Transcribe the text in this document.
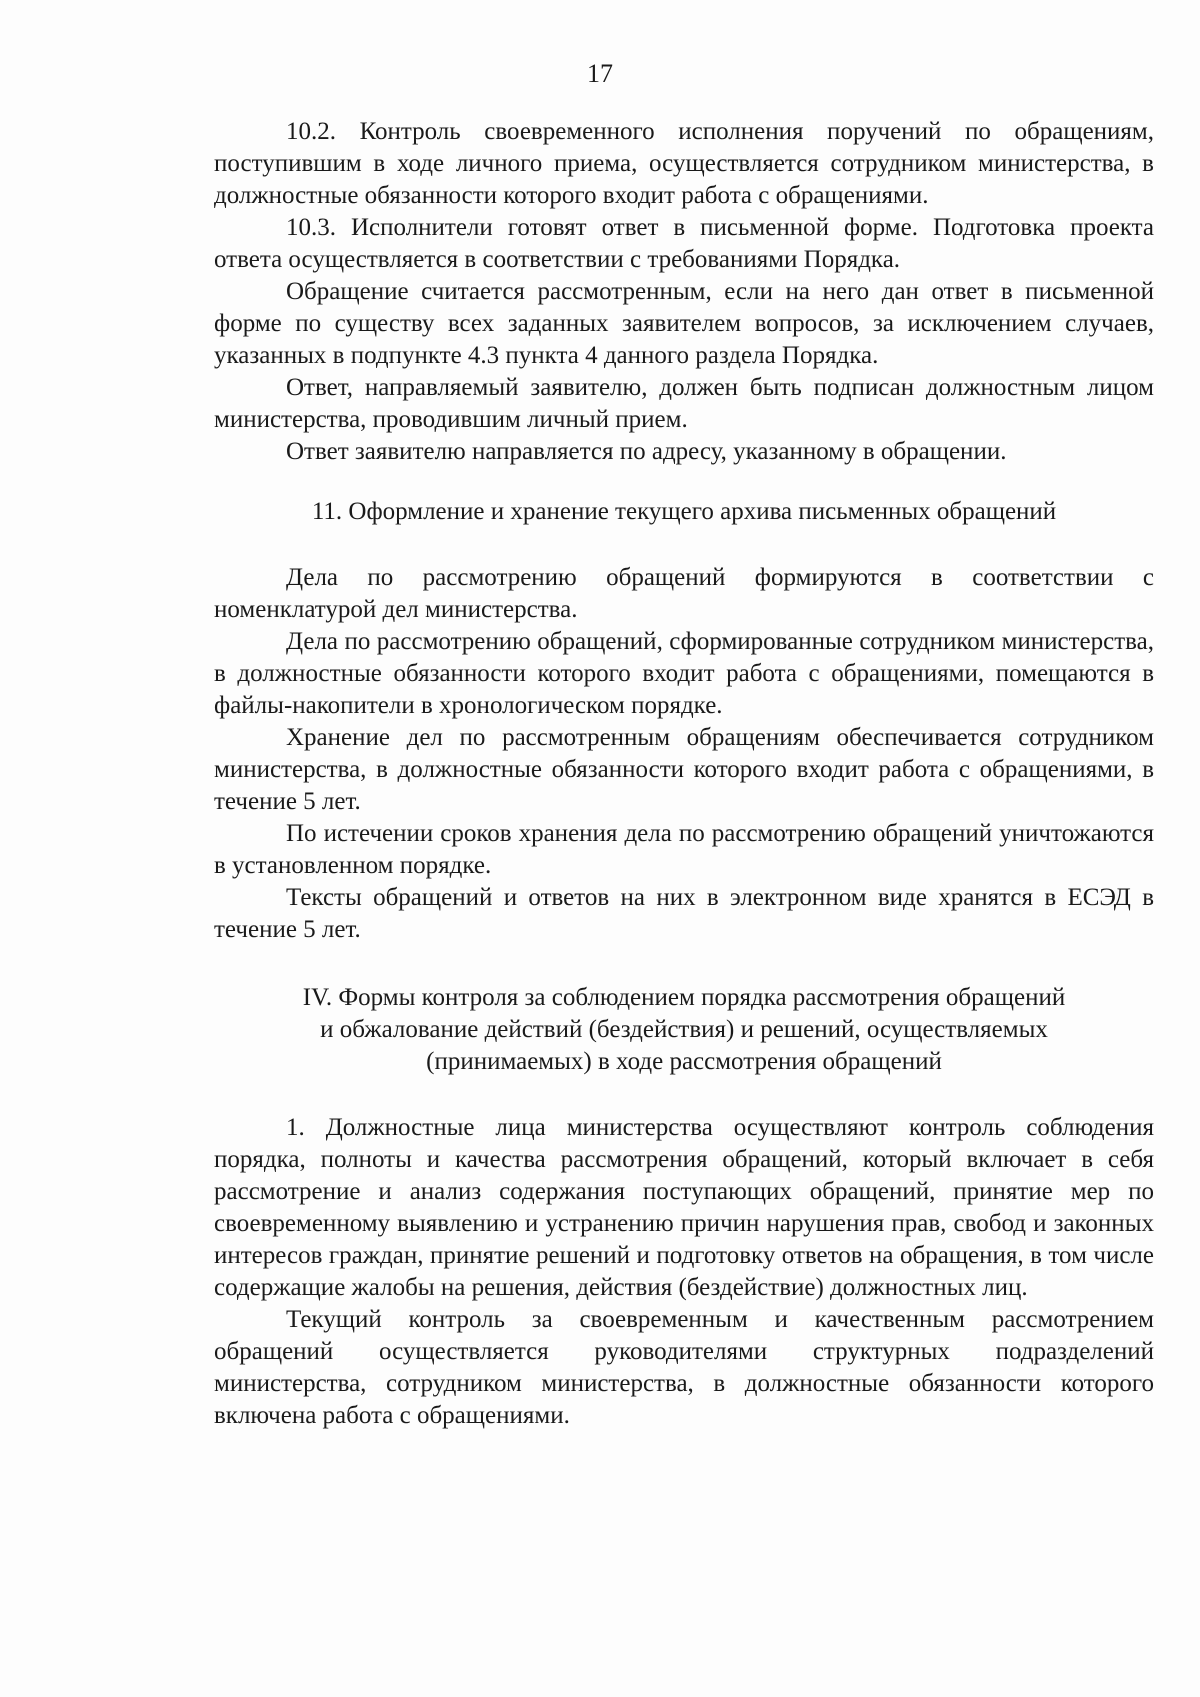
17

10.2. Контроль своевременного исполнения поручений по обращениям, поступившим в ходе личного приема, осуществляется сотрудником министерства, в должностные обязанности которого входит работа с обращениями.

10.3. Исполнители готовят ответ в письменной форме. Подготовка проекта ответа осуществляется в соответствии с требованиями Порядка.

Обращение считается рассмотренным, если на него дан ответ в письменной форме по существу всех заданных заявителем вопросов, за исключением случаев, указанных в подпункте 4.3 пункта 4 данного раздела Порядка.

Ответ, направляемый заявителю, должен быть подписан должностным лицом министерства, проводившим личный прием.

Ответ заявителю направляется по адресу, указанному в обращении.

11. Оформление и хранение текущего архива письменных обращений

Дела по рассмотрению обращений формируются в соответствии с номенклатурой дел министерства.

Дела по рассмотрению обращений, сформированные сотрудником министерства, в должностные обязанности которого входит работа с обращениями, помещаются в файлы-накопители в хронологическом порядке.

Хранение дел по рассмотренным обращениям обеспечивается сотрудником министерства, в должностные обязанности которого входит работа с обращениями, в течение 5 лет.

По истечении сроков хранения дела по рассмотрению обращений уничтожаются в установленном порядке.

Тексты обращений и ответов на них в электронном виде хранятся в ЕСЭД в течение 5 лет.

IV. Формы контроля за соблюдением порядка рассмотрения обращений
и обжалование действий (бездействия) и решений, осуществляемых
(принимаемых) в ходе рассмотрения обращений

1. Должностные лица министерства осуществляют контроль соблюдения порядка, полноты и качества рассмотрения обращений, который включает в себя рассмотрение и анализ содержания поступающих обращений, принятие мер по своевременному выявлению и устранению причин нарушения прав, свобод и законных интересов граждан, принятие решений и подготовку ответов на обращения, в том числе содержащие жалобы на решения, действия (бездействие) должностных лиц.

Текущий контроль за своевременным и качественным рассмотрением обращений осуществляется руководителями структурных подразделений министерства, сотрудником министерства, в должностные обязанности которого включена работа с обращениями.
